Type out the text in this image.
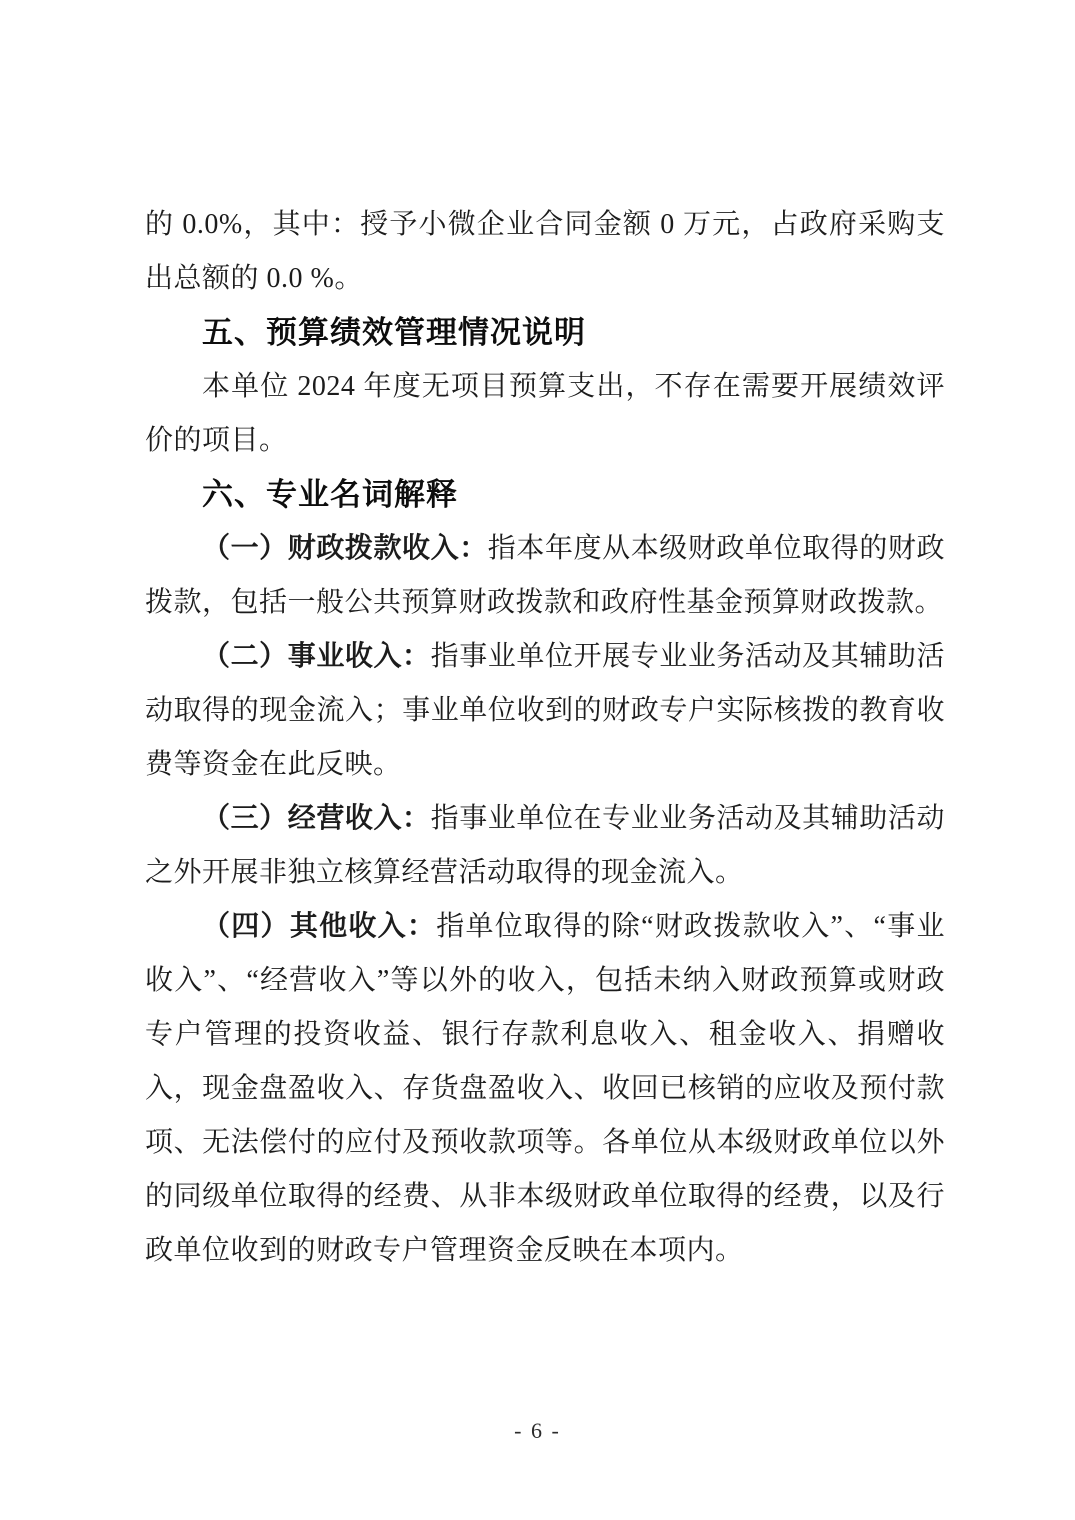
的 0.0%，其中：授予小微企业合同金额 0 万元，占政府采购支出总额的 0.0 %。

五、预算绩效管理情况说明

本单位 2024 年度无项目预算支出，不存在需要开展绩效评价的项目。

六、专业名词解释

（一）财政拨款收入：指本年度从本级财政单位取得的财政拨款，包括一般公共预算财政拨款和政府性基金预算财政拨款。

（二）事业收入：指事业单位开展专业业务活动及其辅助活动取得的现金流入；事业单位收到的财政专户实际核拨的教育收费等资金在此反映。

（三）经营收入：指事业单位在专业业务活动及其辅助活动之外开展非独立核算经营活动取得的现金流入。

（四）其他收入：指单位取得的除“财政拨款收入”、“事业收入”、“经营收入”等以外的收入，包括未纳入财政预算或财政专户管理的投资收益、银行存款利息收入、租金收入、捐赠收入，现金盘盈收入、存货盘盈收入、收回已核销的应收及预付款项、无法偿付的应付及预收款项等。各单位从本级财政单位以外的同级单位取得的经费、从非本级财政单位取得的经费，以及行政单位收到的财政专户管理资金反映在本项内。

- 6 -
